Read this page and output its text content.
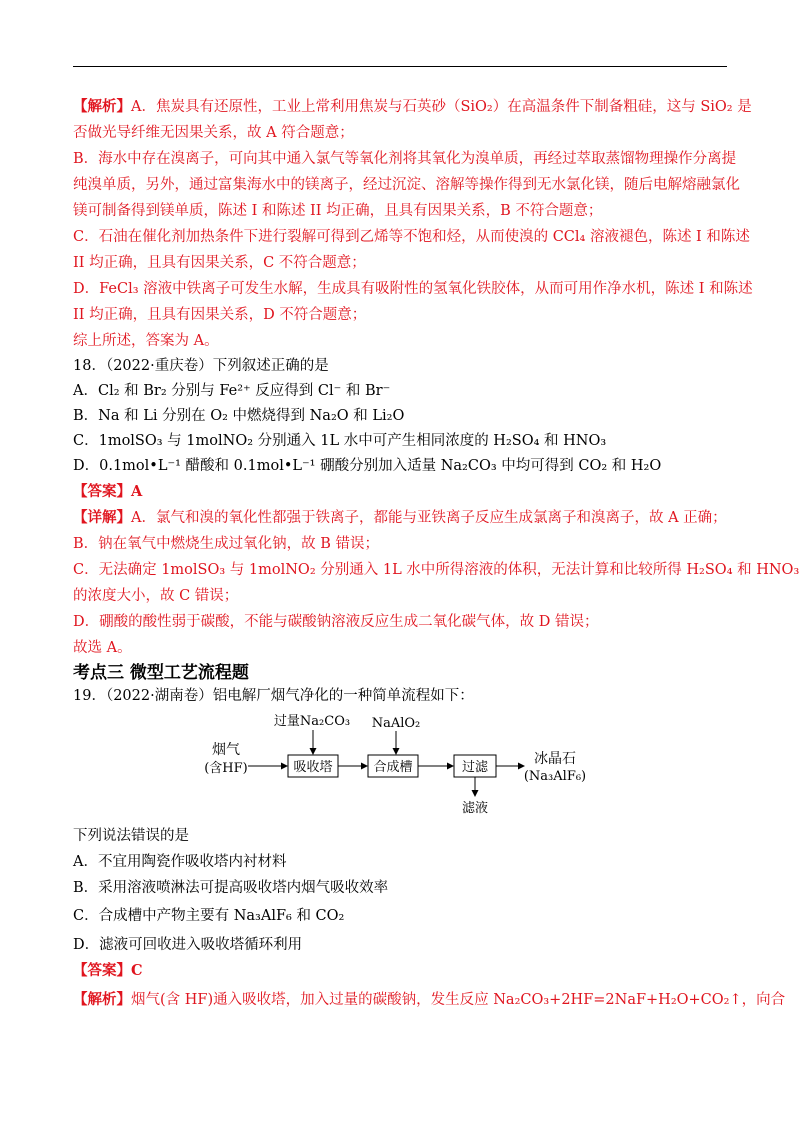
【解析】A．焦炭具有还原性，工业上常利用焦炭与石英砂（SiO₂）在高温条件下制备粗硅，这与 SiO₂ 是
否做光导纤维无因果关系，故 A 符合题意；
B．海水中存在溴离子，可向其中通入氯气等氧化剂将其氧化为溴单质，再经过萃取蒸馏物理操作分离提
纯溴单质，另外，通过富集海水中的镁离子，经过沉淀、溶解等操作得到无水氯化镁，随后电解熔融氯化
镁可制备得到镁单质，陈述 I 和陈述 II 均正确，且具有因果关系，B 不符合题意；
C．石油在催化剂加热条件下进行裂解可得到乙烯等不饱和烃，从而使溴的 CCl₄ 溶液褪色，陈述 I 和陈述
II 均正确，且具有因果关系，C 不符合题意；
D．FeCl₃ 溶液中铁离子可发生水解，生成具有吸附性的氢氧化铁胶体，从而可用作净水机，陈述 I 和陈述
II 均正确，且具有因果关系，D 不符合题意；
综上所述，答案为 A。
18．（2022·重庆卷）下列叙述正确的是
A．Cl₂ 和 Br₂ 分别与 Fe²⁺ 反应得到 Cl⁻ 和 Br⁻
B．Na 和 Li 分别在 O₂ 中燃烧得到 Na₂O 和 Li₂O
C．1molSO₃ 与 1molNO₂ 分别通入 1L 水中可产生相同浓度的 H₂SO₄ 和 HNO₃
D．0.1mol•L⁻¹ 醋酸和 0.1mol•L⁻¹ 硼酸分别加入适量 Na₂CO₃ 中均可得到 CO₂ 和 H₂O
【答案】A
【详解】A．氯气和溴的氧化性都强于铁离子，都能与亚铁离子反应生成氯离子和溴离子，故 A 正确；
B．钠在氧气中燃烧生成过氧化钠，故 B 错误；
C．无法确定 1molSO₃ 与 1molNO₂ 分别通入 1L 水中所得溶液的体积，无法计算和比较所得 H₂SO₄ 和 HNO₃
的浓度大小，故 C 错误；
D．硼酸的酸性弱于碳酸，不能与碳酸钠溶液反应生成二氧化碳气体，故 D 错误；
故选 A。
考点三 微型工艺流程题
19．（2022·湖南卷）铝电解厂烟气净化的一种简单流程如下：
烟气
(含HF)
过量Na₂CO₃ NaAlO₂
吸收塔	合成槽	过滤
冰晶石
(Na₃AlF₆)
滤液
下列说法错误的是
A．不宜用陶瓷作吸收塔内衬材料
B．采用溶液喷淋法可提高吸收塔内烟气吸收效率
C．合成槽中产物主要有 Na₃AlF₆ 和 CO₂
D．滤液可回收进入吸收塔循环利用
【答案】C
【解析】烟气(含 HF)通入吸收塔，加入过量的碳酸钠，发生反应 Na₂CO₃+2HF=2NaF+H₂O+CO₂↑，向合
